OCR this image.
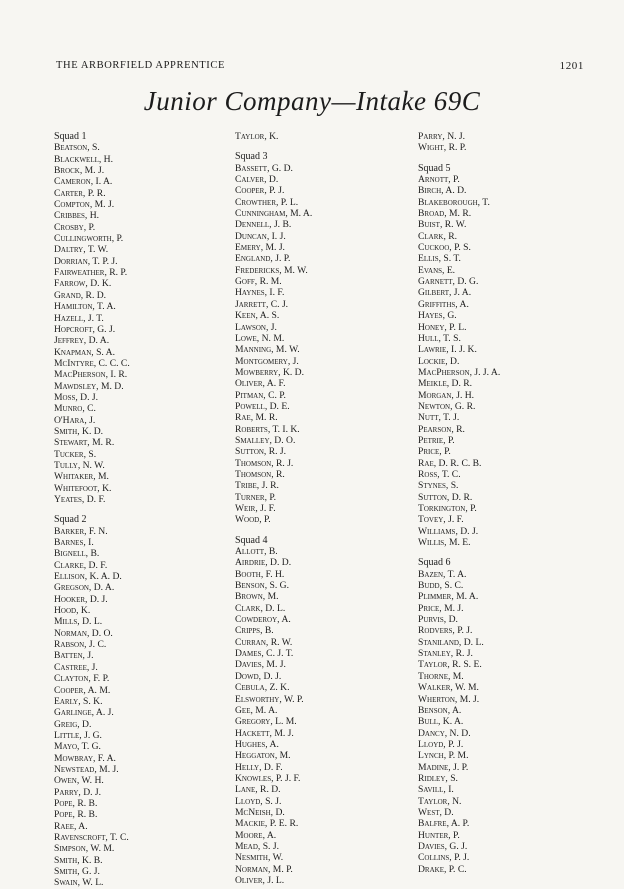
THE ARBORFIELD APPRENTICE	1201
Junior Company—Intake 69C
Squad 1
Beatson, S.
Blackwell, H.
Brock, M. J.
Cameron, I. A.
Carter, P. R.
Compton, M. J.
Cribbes, H.
Crosby, P.
Cullingworth, P.
Daltry, T. W.
Dorrian, T. P. J.
Fairweather, R. P.
Farrow, D. K.
Grand, R. D.
Hamilton, T. A.
Hazell, J. T.
Hopcroft, G. J.
Jeffrey, D. A.
Knapman, S. A.
McIntyre, C. C. C.
MacPherson, I. R.
Mawdsley, M. D.
Moss, D. J.
Munro, C.
O'Hara, J.
Smith, K. D.
Stewart, M. R.
Tucker, S.
Tully, N. W.
Whitaker, M.
Whitefoot, K.
Yeates, D. F.
Squad 2
Barker, F. N.
Barnes, I.
Bignell, B.
Clarke, D. F.
Ellison, K. A. D.
Gregson, D. A.
Hooker, D. J.
Hood, K.
Mills, D. L.
Norman, D. O.
Rabson, J. C.
Batten, J.
Castree, J.
Clayton, F. P.
Cooper, A. M.
Early, S. K.
Garlinge, A. J.
Greig, D.
Little, J. G.
Mayo, T. G.
Mowbray, F. A.
Newstead, M. J.
Owen, W. H.
Parry, D. J.
Pope, R. B.
Pope, R. B.
Raee, A.
Ravenscroft, T. C.
Simpson, W. M.
Smith, K. B.
Smith, G. J.
Swain, W. L.
Taylor, K.
Squad 3
Bassett, G. D.
Calver, D.
Cooper, P. J.
Crowther, P. L.
Cunningham, M. A.
Dennell, J. B.
Duncan, I. J.
Emery, M. J.
England, J. P.
Fredericks, M. W.
Goff, R. M.
Haynes, I. F.
Jarrett, C. J.
Keen, A. S.
Lawson, J.
Lowe, N. M.
Manning, M. W.
Montgomery, J.
Mowberry, K. D.
Oliver, A. F.
Pitman, C. P.
Powell, D. E.
Rae, M. R.
Roberts, T. I. K.
Smalley, D. O.
Sutton, R. J.
Thomson, R. J.
Thomson, R.
Tribe, J. R.
Turner, P.
Weir, J. F.
Wood, P.
Squad 4
Allott, B.
Airdrie, D. D.
Booth, F. H.
Benson, S. G.
Brown, M.
Clark, D. L.
Cowderoy, A.
Cripps, B.
Curran, R. W.
Dames, C. J. T.
Davies, M. J.
Dowd, D. J.
Cebula, Z. K.
Elsworthy, W. P.
Gee, M. A.
Gregory, L. M.
Hackett, M. J.
Hughes, A.
Heggaton, M.
Helly, D. F.
Knowles, P. J. F.
Lane, R. D.
Lloyd, S. J.
McNeish, D.
Mackie, P. E. R.
Moore, A.
Mead, S. J.
Nesmith, W.
Norman, M. P.
Oliver, J. L.
Parry, N. J.
Wight, R. P.
Squad 5
Arnott, P.
Birch, A. D.
Blakeborough, T.
Broad, M. R.
Buist, R. W.
Clark, R.
Cuckoo, P. S.
Ellis, S. T.
Evans, E.
Garnett, D. G.
Gilbert, J. A.
Griffiths, A.
Hayes, G.
Honey, P. L.
Hull, T. S.
Lawrie, I. J. K.
Lockie, D.
MacPherson, J. J. A.
Meikle, D. R.
Morgan, J. H.
Newton, G. R.
Nutt, T. J.
Pearson, R.
Petrie, P.
Price, P.
Rae, D. R. C. B.
Ross, T. C.
Stynes, S.
Sutton, D. R.
Torkington, P.
Tovey, J. F.
Williams, D. J.
Willis, M. E.
Squad 6
Bazen, T. A.
Budd, S. C.
Plimmer, M. A.
Price, M. J.
Purvis, D.
Rodvers, P. J.
Staniland, D. L.
Stanley, R. J.
Taylor, R. S. E.
Thorne, M.
Walker, W. M.
Wherton, M. J.
Benson, A.
Bull, K. A.
Dancy, N. D.
Lloyd, P. J.
Lynch, P. M.
Madine, J. P.
Ridley, S.
Savill, I.
Taylor, N.
West, D.
Balfre, A. P.
Hunter, P.
Davies, G. J.
Collins, P. J.
Drake, P. C.
